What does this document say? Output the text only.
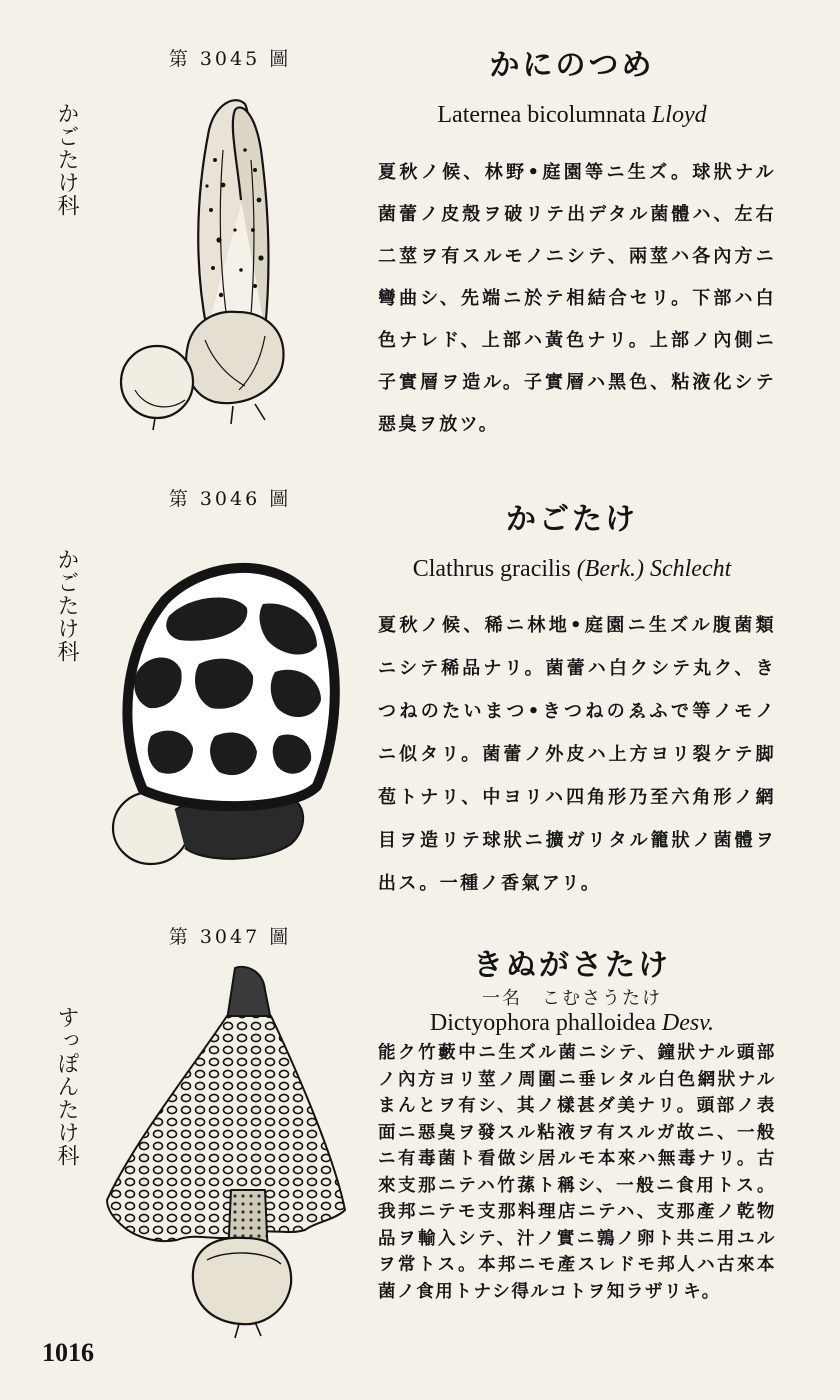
第 3045 圖
かごたけ科
かにのつめ
Laternea bicolumnata Lloyd
夏秋ノ候、林野•庭園等ニ生ズ。球狀ナル菌蕾ノ皮殼ヲ破リテ出デタル菌體ハ、左右二莖ヲ有スルモノニシテ、兩莖ハ各內方ニ彎曲シ、先端ニ於テ相結合セリ。下部ハ白色ナレド、上部ハ黃色ナリ。上部ノ內側ニ子實層ヲ造ル。子實層ハ黑色、粘液化シテ惡臭ヲ放ツ。
第 3046 圖
かごたけ科
かごたけ
Clathrus gracilis (Berk.) Schlecht
夏秋ノ候、稀ニ林地•庭園ニ生ズル腹菌類ニシテ稀品ナリ。菌蕾ハ白クシテ丸ク、きつねのたいまつ•きつねのゑふで等ノモノニ似タリ。菌蕾ノ外皮ハ上方ヨリ裂ケテ脚苞トナリ、中ヨリハ四角形乃至六角形ノ網目ヲ造リテ球狀ニ擴ガリタル籠狀ノ菌體ヲ出ス。一種ノ香氣アリ。
第 3047 圖
すっぽんたけ科
きぬがさたけ
一名　こむさうたけ
Dictyophora phalloidea Desv.
能ク竹藪中ニ生ズル菌ニシテ、鐘狀ナル頭部ノ內方ヨリ莖ノ周圍ニ垂レタル白色網狀ナルまんとヲ有シ、其ノ樣甚ダ美ナリ。頭部ノ表面ニ惡臭ヲ發スル粘液ヲ有スルガ故ニ、一般ニ有毒菌ト看做シ居ルモ本來ハ無毒ナリ。古來支那ニテハ竹蓀ト稱シ、一般ニ食用トス。我邦ニテモ支那料理店ニテハ、支那產ノ乾物品ヲ輸入シテ、汁ノ實ニ鶉ノ卵ト共ニ用ユルヲ常トス。本邦ニモ產スレドモ邦人ハ古來本菌ノ食用トナシ得ルコトヲ知ラザリキ。
1016
